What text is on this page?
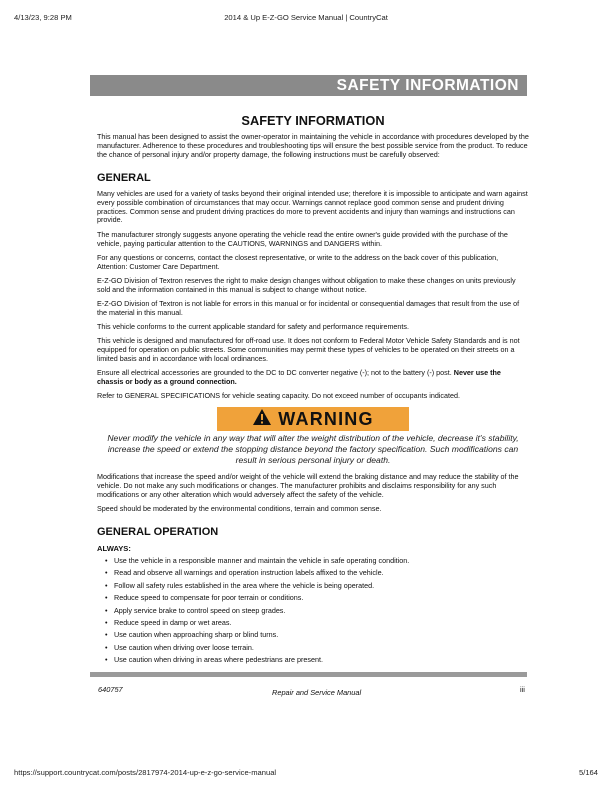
4/13/23, 9:28 PM	2014 & Up E-Z-GO Service Manual | CountryCat
SAFETY INFORMATION
SAFETY INFORMATION

This manual has been designed to assist the owner-operator in maintaining the vehicle in accordance with procedures developed by the manufacturer. Adherence to these procedures and troubleshooting tips will ensure the best possible service from the product. To reduce the chance of personal injury and/or property damage, the following instructions must be carefully observed:

GENERAL

Many vehicles are used for a variety of tasks beyond their original intended use; therefore it is impossible to anticipate and warn against every possible combination of circumstances that may occur. Warnings cannot replace good common sense and prudent driving practices. Common sense and prudent driving practices do more to prevent accidents and injury than warnings and instructions can provide.

The manufacturer strongly suggests anyone operating the vehicle read the entire owner's guide provided with the purchase of the vehicle, paying particular attention to the CAUTIONS, WARNINGS and DANGERS within.

For any questions or concerns, contact the closest representative, or write to the address on the back cover of this publication, Attention: Customer Care Department.

E-Z-GO Division of Textron reserves the right to make design changes without obligation to make these changes on units previously sold and the information contained in this manual is subject to change without notice.

E-Z-GO Division of Textron is not liable for errors in this manual or for incidental or consequential damages that result from the use of the material in this manual.

This vehicle conforms to the current applicable standard for safety and performance requirements.

This vehicle is designed and manufactured for off-road use. It does not conform to Federal Motor Vehicle Safety Standards and is not equipped for operation on public streets. Some communities may permit these types of vehicles to be operated on their streets on a limited basis and in accordance with local ordinances.

Ensure all electrical accessories are grounded to the DC to DC converter negative (-); not to the battery (-) post. Never use the chassis or body as a ground connection.

Refer to GENERAL SPECIFICATIONS for vehicle seating capacity. Do not exceed number of occupants indicated.

WARNING
Never modify the vehicle in any way that will alter the weight distribution of the vehicle, decrease it's stability, increase the speed or extend the stopping distance beyond the factory specification. Such modifications can result in serious personal injury or death.

Modifications that increase the speed and/or weight of the vehicle will extend the braking distance and may reduce the stability of the vehicle. Do not make any such modifications or changes. The manufacturer prohibits and disclaims responsibility for any such modifications or any other alteration which would adversely affect the safety of the vehicle.

Speed should be moderated by the environmental conditions, terrain and common sense.

GENERAL OPERATION
ALWAYS:
• Use the vehicle in a responsible manner and maintain the vehicle in safe operating condition.
• Read and observe all warnings and operation instruction labels affixed to the vehicle.
• Follow all safety rules established in the area where the vehicle is being operated.
• Reduce speed to compensate for poor terrain or conditions.
• Apply service brake to control speed on steep grades.
• Reduce speed in damp or wet areas.
• Use caution when approaching sharp or blind turns.
• Use caution when driving over loose terrain.
• Use caution when driving in areas where pedestrians are present.
640757	Repair and Service Manual	iii
https://support.countrycat.com/posts/2817974-2014-up-e-z-go-service-manual	5/164
